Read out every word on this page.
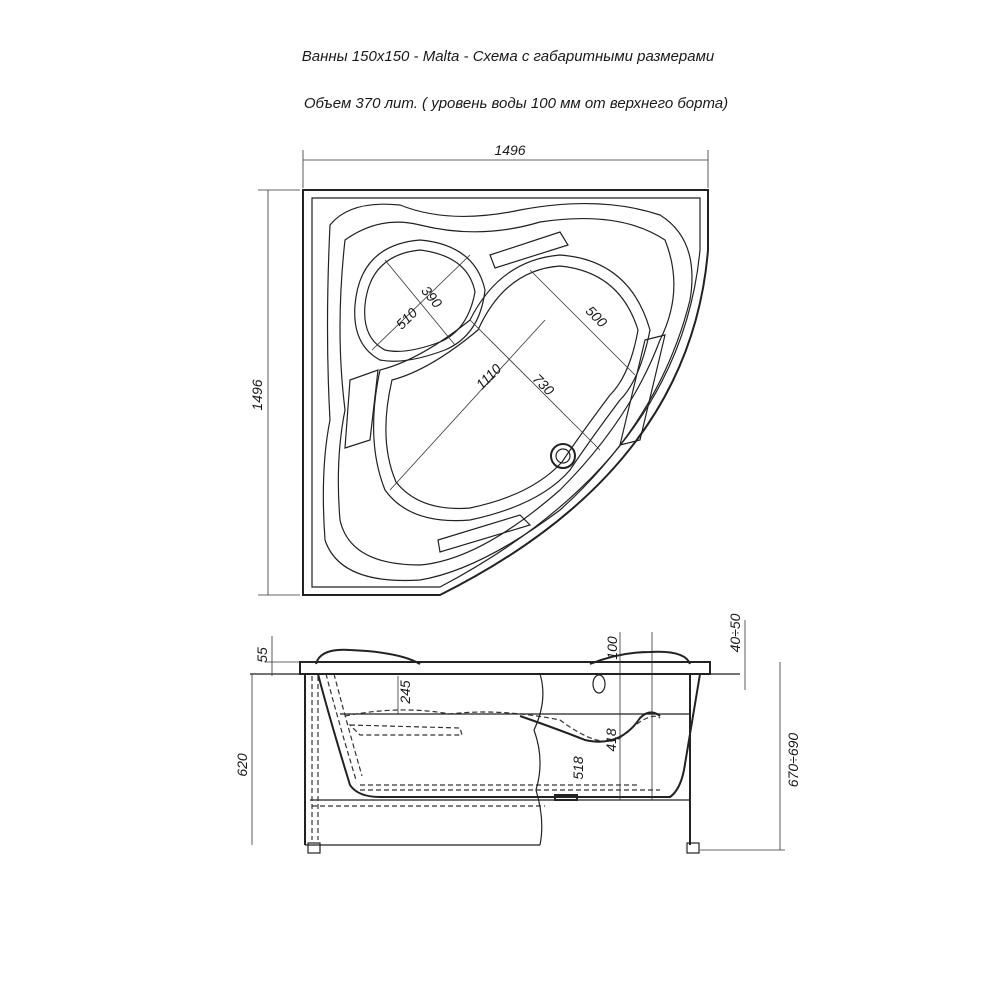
Ванны 150x150 - Malta - Схема с габаритными размерами
Объем 370 лит. ( уровень воды 100 мм от верхнего борта)
1496
1496
390
510	500
1110 730
55	100	40÷50
245
418
518
620	670÷690
